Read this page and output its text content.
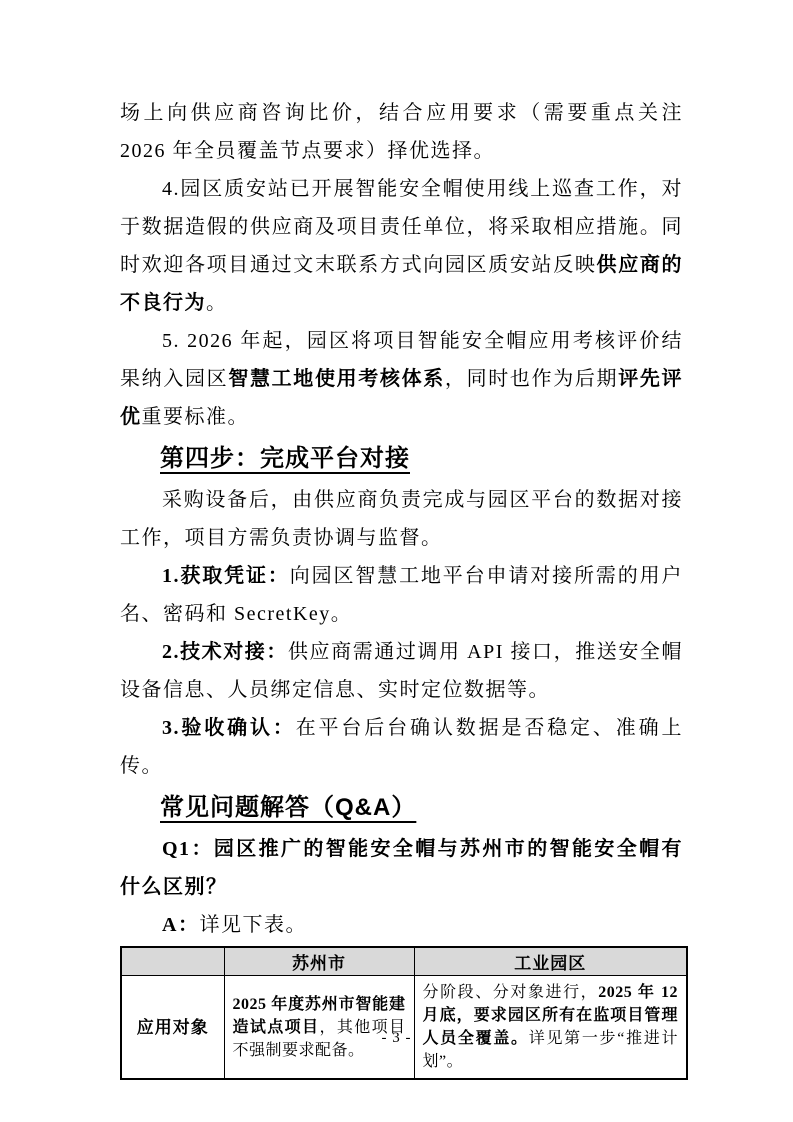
场上向供应商咨询比价，结合应用要求（需要重点关注 2026 年全员覆盖节点要求）择优选择。

4.园区质安站已开展智能安全帽使用线上巡查工作，对于数据造假的供应商及项目责任单位，将采取相应措施。同时欢迎各项目通过文末联系方式向园区质安站反映供应商的不良行为。

5. 2026 年起，园区将项目智能安全帽应用考核评价结果纳入园区智慧工地使用考核体系，同时也作为后期评先评优重要标准。

第四步：完成平台对接

采购设备后，由供应商负责完成与园区平台的数据对接工作，项目方需负责协调与监督。

1.获取凭证：向园区智慧工地平台申请对接所需的用户名、密码和 SecretKey。

2.技术对接：供应商需通过调用 API 接口，推送安全帽设备信息、人员绑定信息、实时定位数据等。

3.验收确认：在平台后台确认数据是否稳定、准确上传。

常见问题解答（Q&A）

Q1：园区推广的智能安全帽与苏州市的智能安全帽有什么区别？

A：详见下表。

	苏州市	工业园区
应用对象	2025 年度苏州市智能建造试点项目，其他项目不强制要求配备。	分阶段、分对象进行，2025 年 12 月底，要求园区所有在监项目管理人员全覆盖。详见第一步“推进计划”。
- 3 -
